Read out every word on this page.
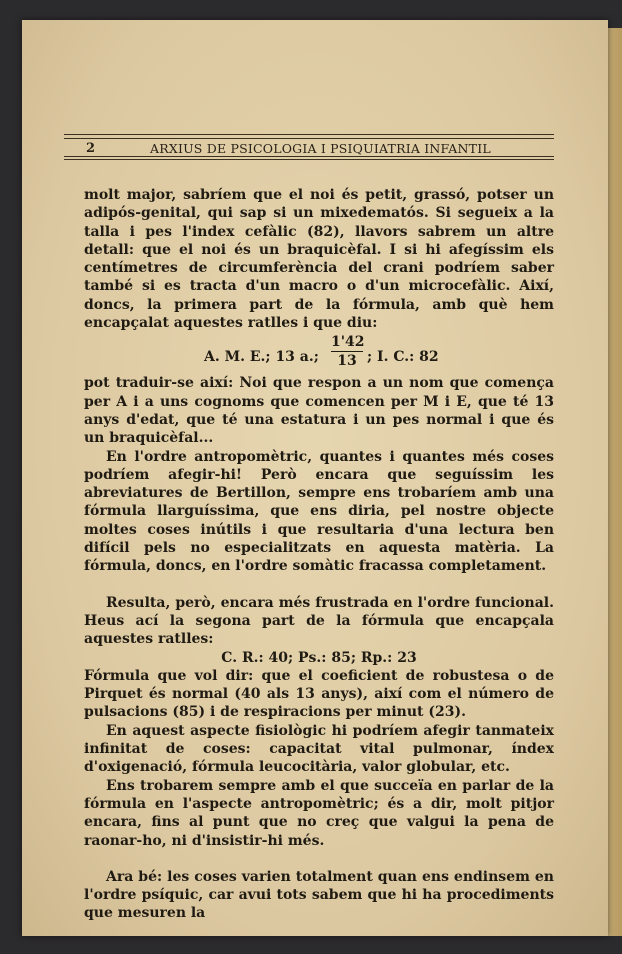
2	ARXIUS DE PSICOLOGIA I PSIQUIATRIA INFANTIL

molt major, sabríem que el noi és petit, grassó, potser un adipós-genital, qui sap si un mixedematós. Si segueix a la talla i pes l'index cefàlic (82), llavors sabrem un altre detall: que el noi és un braquicèfal. I si hi afegíssim els centímetres de circumferència del crani podríem saber també si es tracta d'un macro o d'un microcefàlic. Així, doncs, la primera part de la fórmula, amb què hem encapçalat aquestes ratlles i que diu:

A. M. E.; 13 a.;
1'42
13 ; I. C.: 82

pot traduir-se així: Noi que respon a un nom que comença per A i a uns cognoms que comencen per M i E, que té 13 anys d'edat, que té una estatura i un pes normal i que és un braquicèfal...

En l'ordre antropomètric, quantes i quantes més coses podríem afegir-hi! Però encara que seguíssim les abreviatures de Bertillon, sempre ens trobaríem amb una fórmula llarguíssima, que ens diria, pel nostre objecte moltes coses inútils i que resultaria d'una lectura ben difícil pels no especialitzats en aquesta matèria. La fórmula, doncs, en l'ordre somàtic fracassa completament.

Resulta, però, encara més frustrada en l'ordre funcional. Heus ací la segona part de la fórmula que encapçala aquestes ratlles:

C. R.: 40; Ps.: 85; Rp.: 23

Fórmula que vol dir: que el coeficient de robustesa o de Pirquet és normal (40 als 13 anys), així com el número de pulsacions (85) i de respiracions per minut (23).

En aquest aspecte fisiològic hi podríem afegir tanmateix infinitat de coses: capacitat vital pulmonar, índex d'oxigenació, fórmula leucocitària, valor globular, etc.

Ens trobarem sempre amb el que succeïa en parlar de la fórmula en l'aspecte antropomètric; és a dir, molt pitjor encara, fins al punt que no creç que valgui la pena de raonar-ho, ni d'insistir-hi més.

Ara bé: les coses varien totalment quan ens endinsem en l'ordre psíquic, car avui tots sabem que hi ha procediments que mesuren la
